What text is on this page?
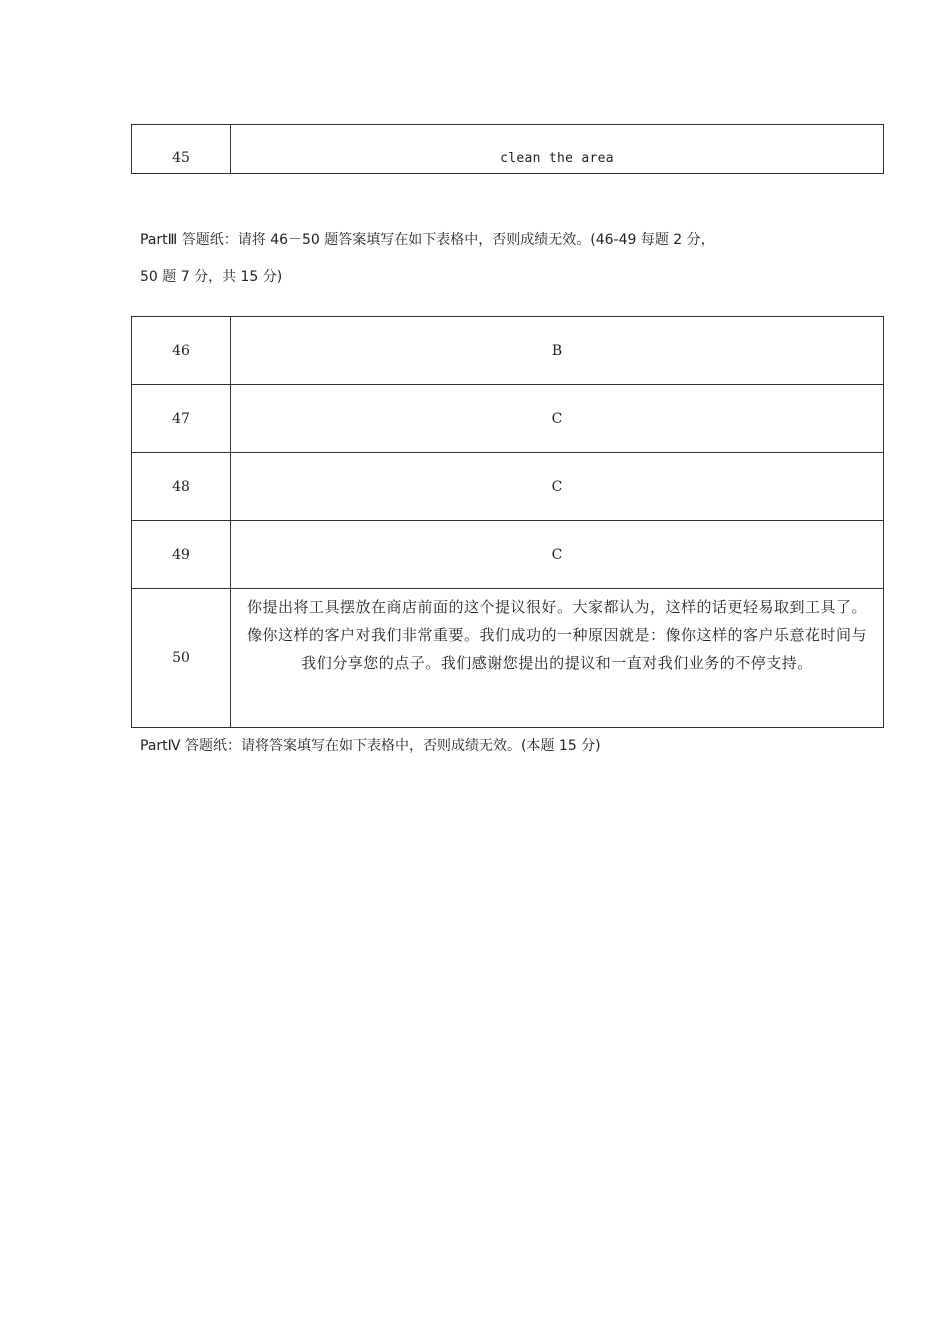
45	clean the area
PartⅢ 答题纸：请将 46－50 题答案填写在如下表格中，否则成绩无效。(46-49 每题 2 分，
50 题 7 分，共 15 分)
46	B
47	C
48	C
49	C
50	你提出将工具摆放在商店前面的这个提议很好。大家都认为，这样的话更轻易取到工具了。像你这样的客户对我们非常重要。我们成功的一种原因就是：像你这样的客户乐意花时间与我们分享您的点子。我们感谢您提出的提议和一直对我们业务的不停支持。
PartⅣ 答题纸：请将答案填写在如下表格中，否则成绩无效。(本题 15 分)
